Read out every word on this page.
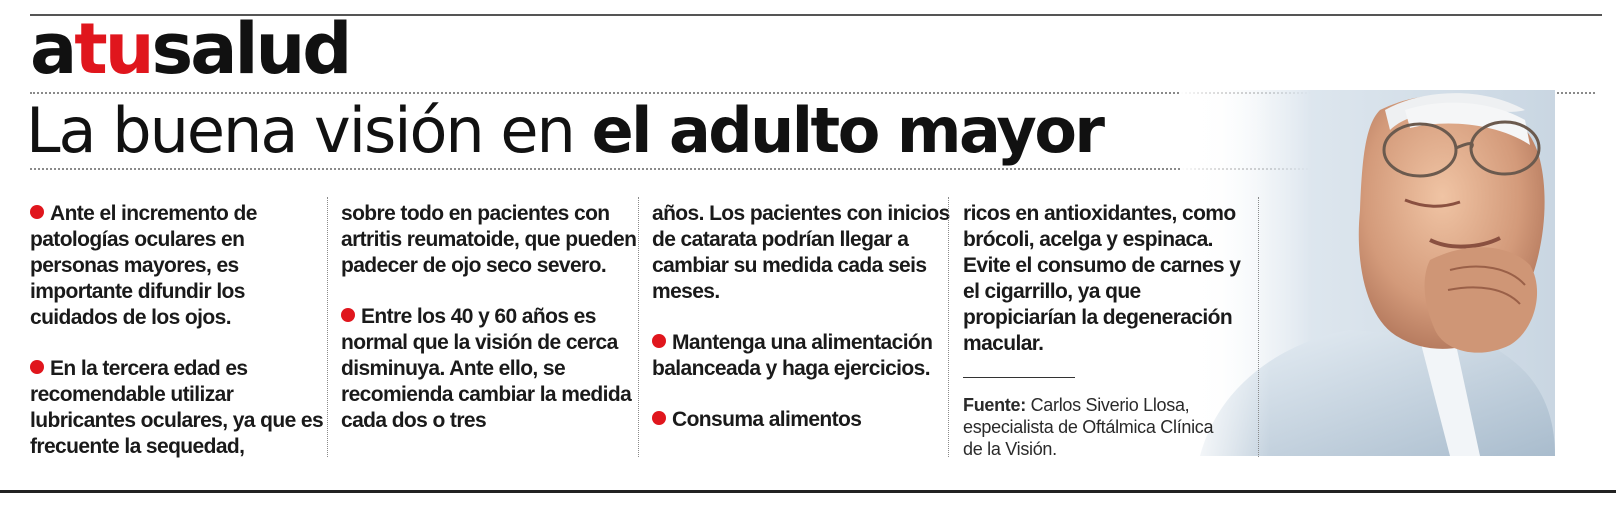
atusalud
La buena visión en el adulto mayor

Ante el incremento de patologías oculares en personas mayores, es importante difundir los cuidados de los ojos.

En la tercera edad es recomendable utilizar lubricantes oculares, ya que es frecuente la sequedad,

sobre todo en pacientes con artritis reumatoide, que pueden padecer de ojo seco severo.

Entre los 40 y 60 años es normal que la visión de cerca disminuya. Ante ello, se recomienda cambiar la medida cada dos o tres

años. Los pacientes con inicios de catarata podrían llegar a cambiar su medida cada seis meses.

Mantenga una alimentación balanceada y haga ejercicios.

Consuma alimentos

ricos en antioxidantes, como brócoli, acelga y espinaca. Evite el consumo de carnes y el cigarrillo, ya que propiciarían la degeneración macular.

Fuente: Carlos Siverio Llosa, especialista de Oftálmica Clínica de la Visión.
